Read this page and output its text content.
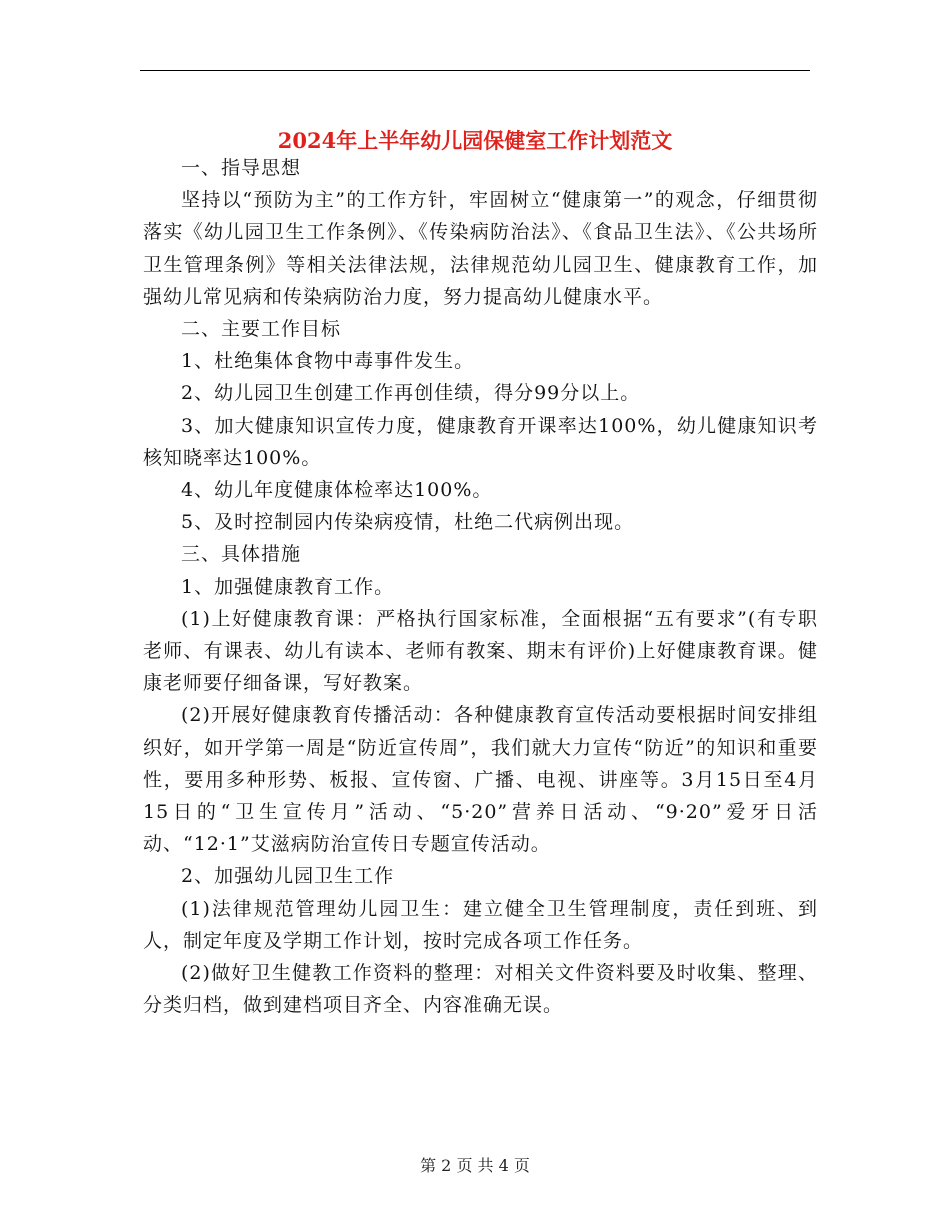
2024年上半年幼儿园保健室工作计划范文

一、指导思想

坚持以“预防为主”的工作方针，牢固树立“健康第一”的观念，仔细贯彻落实《幼儿园卫生工作条例》、《传染病防治法》、《食品卫生法》、《公共场所卫生管理条例》等相关法律法规，法律规范幼儿园卫生、健康教育工作，加强幼儿常见病和传染病防治力度，努力提高幼儿健康水平。

二、主要工作目标

1、杜绝集体食物中毒事件发生。

2、幼儿园卫生创建工作再创佳绩，得分99分以上。

3、加大健康知识宣传力度，健康教育开课率达100%，幼儿健康知识考核知晓率达100%。

4、幼儿年度健康体检率达100%。

5、及时控制园内传染病疫情，杜绝二代病例出现。

三、具体措施

1、加强健康教育工作。

(1)上好健康教育课：严格执行国家标准，全面根据“五有要求”(有专职老师、有课表、幼儿有读本、老师有教案、期末有评价)上好健康教育课。健康老师要仔细备课，写好教案。

(2)开展好健康教育传播活动：各种健康教育宣传活动要根据时间安排组织好，如开学第一周是“防近宣传周”，我们就大力宣传“防近”的知识和重要性，要用多种形势、板报、宣传窗、广播、电视、讲座等。3月15日至4月15日的“卫生宣传月”活动、“5·20”营养日活动、“9·20”爱牙日活动、“12·1”艾滋病防治宣传日专题宣传活动。

2、加强幼儿园卫生工作

(1)法律规范管理幼儿园卫生：建立健全卫生管理制度，责任到班、到人，制定年度及学期工作计划，按时完成各项工作任务。

(2)做好卫生健教工作资料的整理：对相关文件资料要及时收集、整理、分类归档，做到建档项目齐全、内容准确无误。

第 2 页 共 4 页
